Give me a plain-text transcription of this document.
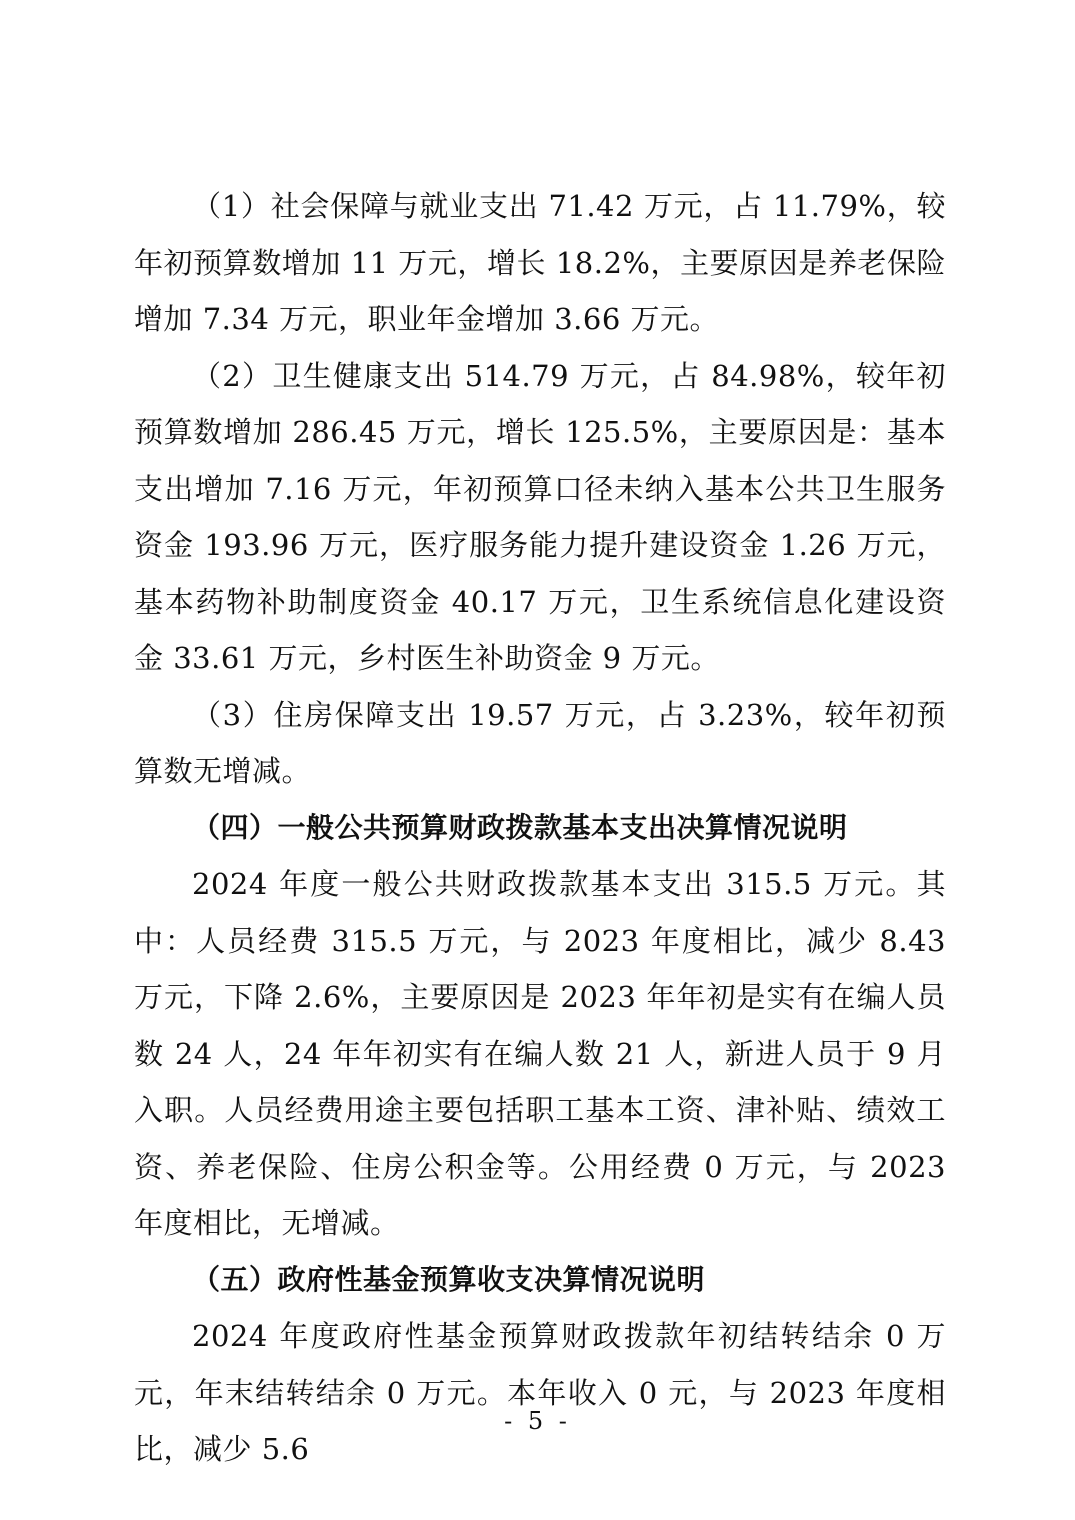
（1）社会保障与就业支出 71.42 万元，占 11.79%，较年初预算数增加 11 万元，增长 18.2%，主要原因是养老保险增加 7.34 万元，职业年金增加 3.66 万元。

（2）卫生健康支出 514.79 万元，占 84.98%，较年初预算数增加 286.45 万元，增长 125.5%，主要原因是：基本支出增加 7.16 万元，年初预算口径未纳入基本公共卫生服务资金 193.96 万元，医疗服务能力提升建设资金 1.26 万元，基本药物补助制度资金 40.17 万元，卫生系统信息化建设资金 33.61 万元，乡村医生补助资金 9 万元。

（3）住房保障支出 19.57 万元，占 3.23%，较年初预算数无增减。

（四）一般公共预算财政拨款基本支出决算情况说明

2024 年度一般公共财政拨款基本支出 315.5 万元。其中：人员经费 315.5 万元，与 2023 年度相比，减少 8.43 万元，下降 2.6%，主要原因是 2023 年年初是实有在编人员数 24 人，24 年年初实有在编人数 21 人，新进人员于 9 月入职。人员经费用途主要包括职工基本工资、津补贴、绩效工资、养老保险、住房公积金等。公用经费 0 万元，与 2023 年度相比，无增减。

（五）政府性基金预算收支决算情况说明

2024 年度政府性基金预算财政拨款年初结转结余 0 万元，年末结转结余 0 万元。本年收入 0 元，与 2023 年度相比，减少 5.6

- 5 -
